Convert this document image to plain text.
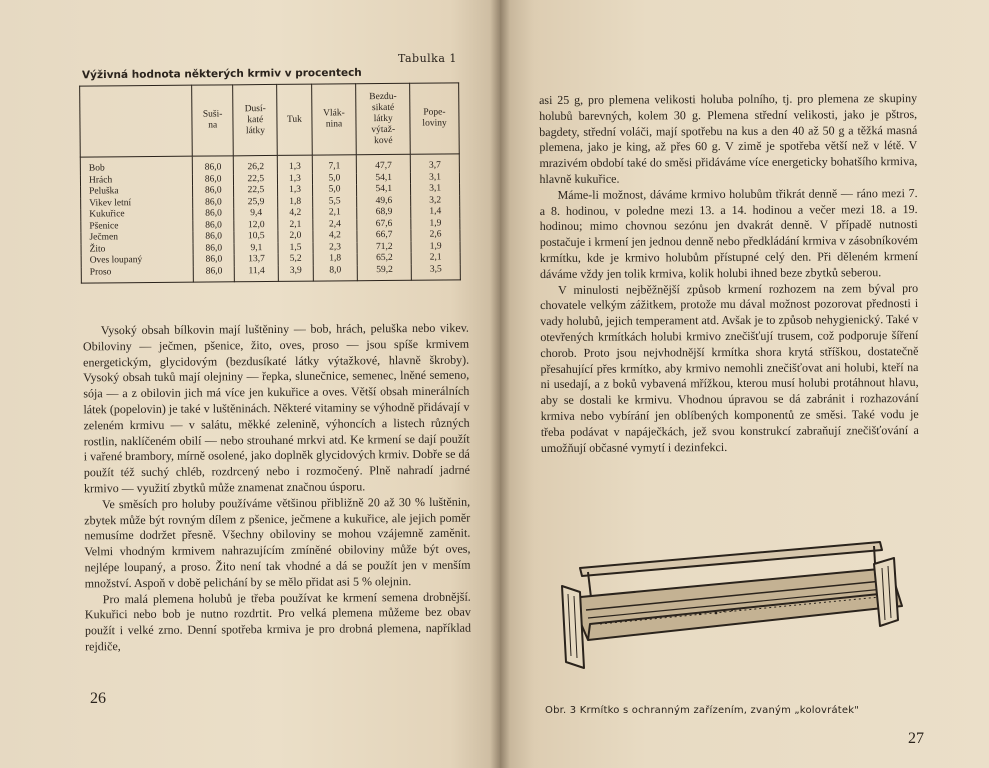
Tabulka 1
Výživná hodnota některých krmiv v procentech
	Suši-
na	Dusí-
katé
látky	Tuk	Vlák-
nina	Bezdu-
sikaté
látky
výtaž-
kové	Pope-
loviny
Bob	86,0	26,2	1,3	7,1	47,7	3,7
Hrách	86,0	22,5	1,3	5,0	54,1	3,1
Peluška	86,0	22,5	1,3	5,0	54,1	3,1
Vikev letní	86,0	25,9	1,8	5,5	49,6	3,2
Kukuřice	86,0	9,4	4,2	2,1	68,9	1,4
Pšenice	86,0	12,0	2,1	2,4	67,6	1,9
Ječmen	86,0	10,5	2,0	4,2	66,7	2,6
Žito	86,0	9,1	1,5	2,3	71,2	1,9
Oves loupaný	86,0	13,7	5,2	1,8	65,2	2,1
Proso	86,0	11,4	3,9	8,0	59,2	3,5

Vysoký obsah bílkovin mají luštěniny — bob, hrách, peluška nebo vikev. Obiloviny — ječmen, pšenice, žito, oves, proso — jsou spíše krmivem energetickým, glycidovým (bezdusíkaté látky výtažkové, hlavně škroby). Vysoký obsah tuků mají olejniny — řepka, slunečnice, semenec, lněné semeno, sója — a z obilovin jich má více jen kukuřice a oves. Větší obsah minerálních látek (popelovin) je také v luštěninách. Některé vitaminy se výhodně přidávají v zeleném krmivu — v salátu, měkké zelenině, výhoncích a listech různých rostlin, naklíčeném obilí — nebo strouhané mrkvi atd. Ke krmení se dají použít i vařené brambory, mírně osolené, jako doplněk glycidových krmiv. Dobře se dá použít též suchý chléb, rozdrcený nebo i rozmočený. Plně nahradí jadrné krmivo — využití zbytků může znamenat značnou úsporu.

Ve směsích pro holuby používáme většinou přibližně 20 až 30 % luštěnin, zbytek může být rovným dílem z pšenice, ječmene a kukuřice, ale jejich poměr nemusíme dodržet přesně. Všechny obiloviny se mohou vzájemně zaměnit. Velmi vhodným krmivem nahrazujícím zmíněné obiloviny může být oves, nejlépe loupaný, a proso. Žito není tak vhodné a dá se použít jen v menším množství. Aspoň v době pelichání by se mělo přidat asi 5 % olejnin.

Pro malá plemena holubů je třeba používat ke krmení semena drobnější. Kukuřici nebo bob je nutno rozdrtit. Pro velká plemena můžeme bez obav použít i velké zrno. Denní spotřeba krmiva je pro drobná plemena, například rejdiče,

26

asi 25 g, pro plemena velikosti holuba polního, tj. pro plemena ze skupiny holubů barevných, kolem 30 g. Plemena střední velikosti, jako je pštros, bagdety, střední voláči, mají spotřebu na kus a den 40 až 50 g a těžká masná plemena, jako je king, až přes 60 g. V zimě je spotřeba větší než v létě. V mrazivém období také do směsi přidáváme více energeticky bohatšího krmiva, hlavně kukuřice.

Máme-li možnost, dáváme krmivo holubům třikrát denně — ráno mezi 7. a 8. hodinou, v poledne mezi 13. a 14. hodinou a večer mezi 18. a 19. hodinou; mimo chovnou sezónu jen dvakrát denně. V případě nutnosti postačuje i krmení jen jednou denně nebo předkládání krmiva v zásobníkovém krmítku, kde je krmivo holubům přístupné celý den. Při děleném krmení dáváme vždy jen tolik krmiva, kolik holubi ihned beze zbytků seberou.

V minulosti nejběžnější způsob krmení rozhozem na zem býval pro chovatele velkým zážitkem, protože mu dával možnost pozorovat přednosti i vady holubů, jejich temperament atd. Avšak je to způsob nehygienický. Také v otevřených krmítkách holubi krmivo znečišťují trusem, což podporuje šíření chorob. Proto jsou nejvhodnější krmítka shora krytá stříškou, dostatečně přesahující přes krmítko, aby krmivo nemohli znečišťovat ani holubi, kteří na ni usedají, a z boků vybavená mřížkou, kterou musí holubi protáhnout hlavu, aby se dostali ke krmivu. Vhodnou úpravou se dá zabránit i rozhazování krmiva nebo vybírání jen oblíbených komponentů ze směsi. Také vodu je třeba podávat v napáječkách, jež svou konstrukcí zabraňují znečišťování a umožňují občasné vymytí i dezinfekci.

Obr. 3 Krmítko s ochranným zařízením, zvaným „kolovrátek"
27
